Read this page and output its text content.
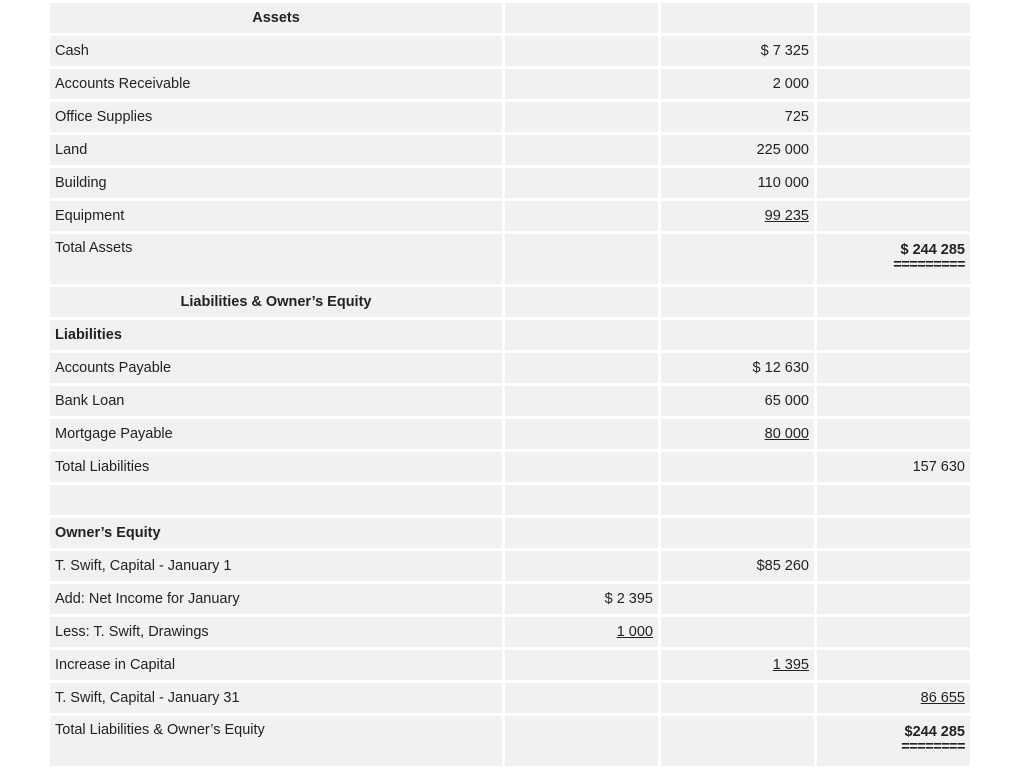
Assets			

Cash		$ 7 325	
Accounts Receivable		2 000	
Office Supplies		725	
Land		225 000	
Building		110 000	
Equipment		99 235	
Total Assets			$ 244 285
=========

Liabilities & Owner’s Equity			

Liabilities			
Accounts Payable		$ 12 630	
Bank Loan		65 000	
Mortgage Payable		80 000	
Total Liabilities			157 630

Owner’s Equity			
T. Swift, Capital - January 1		$85 260	
Add: Net Income for January	$ 2 395		
Less: T. Swift, Drawings	1 000		
Increase in Capital		1 395	
T. Swift, Capital - January 31			86 655
Total Liabilities & Owner’s Equity			$244 285
========
